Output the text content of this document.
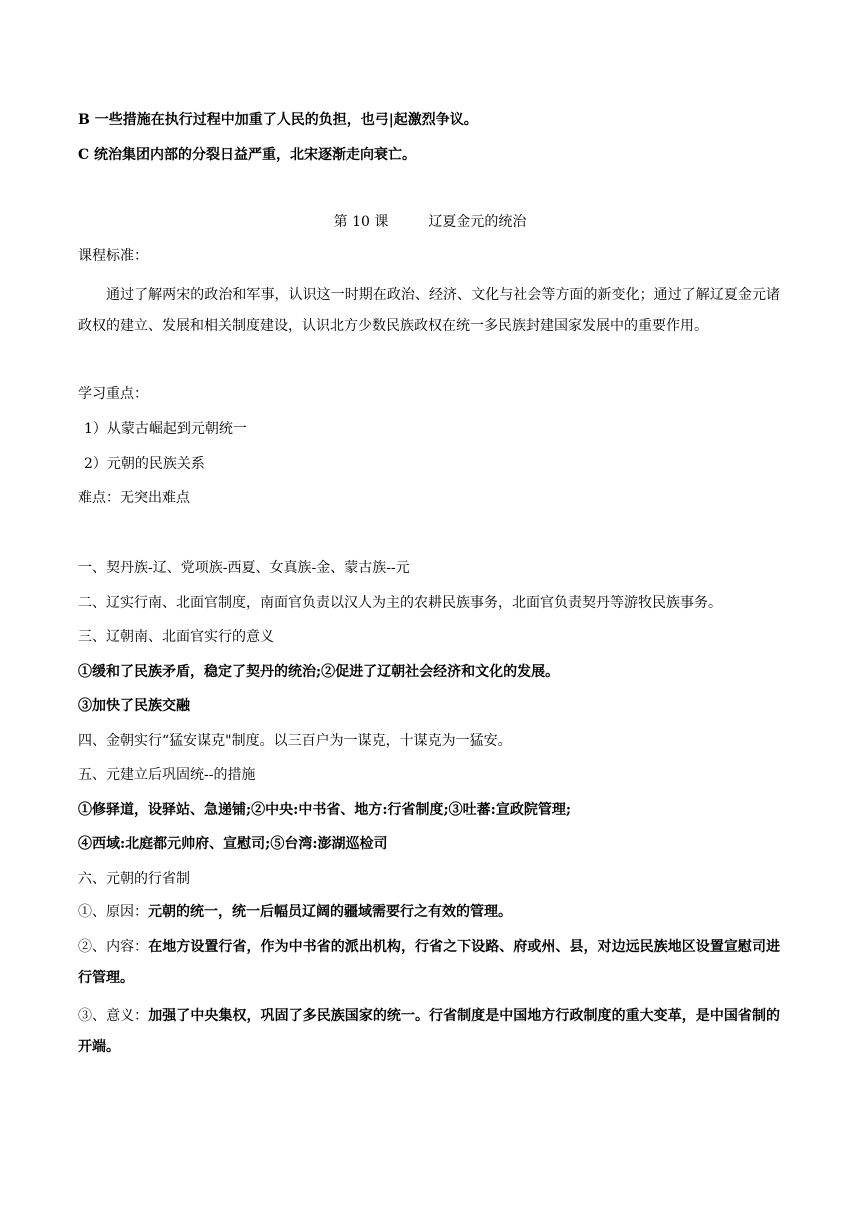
B 一些措施在执行过程中加重了人民的负担，也弓|起激烈争议。
C 统治集团内部的分裂日益严重，北宋逐渐走向衰亡。
第 10 课	辽夏金元的统治
课程标准：
通过了解两宋的政治和军事，认识这一时期在政治、经济、文化与社会等方面的新变化；通过了解辽夏金元诸政权的建立、发展和相关制度建设，认识北方少数民族政权在统一多民族封建国家发展中的重要作用。
学习重点：
1）从蒙古崛起到元朝统一
2）元朝的民族关系
难点：无突出难点
一、契丹族-辽、党项族-西夏、女真族-金、蒙古族--元
二、辽实行南、北面官制度，南面官负责以汉人为主的农耕民族事务，北面官负责契丹等游牧民族事务。
三、辽朝南、北面官实行的意义
①缓和了民族矛盾，稳定了契丹的统治;②促进了辽朝社会经济和文化的发展。
③加快了民族交融
四、金朝实行“猛安谋克"制度。以三百户为一谋克，十谋克为一猛安。
五、元建立后巩固统--的措施
①修驿道，设驿站、急递铺;②中央:中书省、地方:行省制度;③吐蕃:宣政院管理;
④西域:北庭都元帅府、宣慰司;⑤台湾:澎湖巡检司
六、元朝的行省制
①、原因：元朝的统一，统一后幅员辽阔的疆域需要行之有效的管理。
②、内容：在地方设置行省，作为中书省的派出机构，行省之下设路、府或州、县，对边远民族地区设置宣慰司进行管理。
③、意义：加强了中央集权，巩固了多民族国家的统一。行省制度是中国地方行政制度的重大变革，是中国省制的开端。
